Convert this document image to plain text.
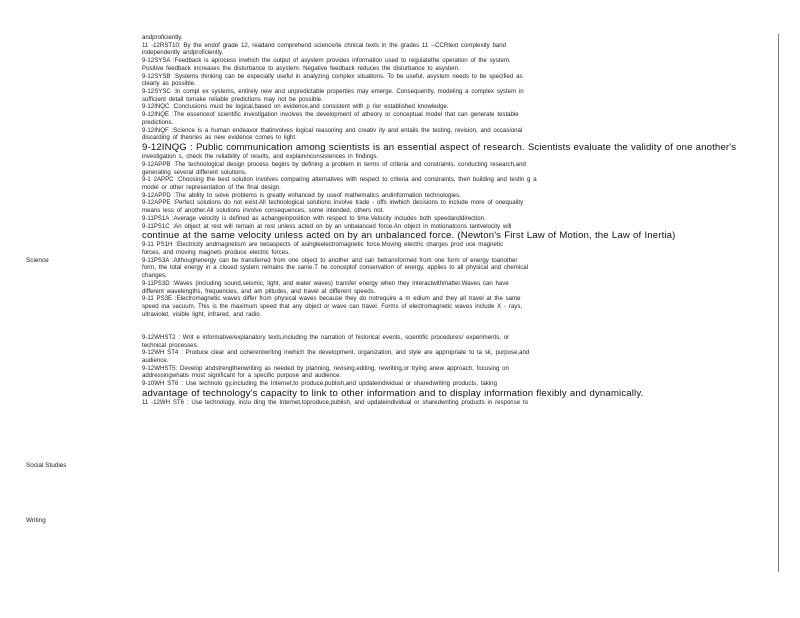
Science
Social Studies
Writing

andproficiently.

11 -12RST10: By the endof grade 12, readand comprehend science/te chnical texts in the grades 11 -‐CCRtext complexity band

independently andproficiently.

9-12SYSA :Feedback is aprocess inwhich the output of asystem provides information used to regulatethe operation of the system.

Positive feedback increases the disturbance to asystem. Negative feedback reduces the disturbance to asystem.

9-12SYSB :Systems thinking can be especially useful in analyzing complex situations. To be useful, asystem needs to be specified as

clearly as possible.

9-12SYSC :In compl ex systems, entirely new and unpredictable properties may emerge. Consequently, modeling a complex system in

sufficient detail tomake reliable predictions may not be possible.

9-12INQC :Conclusions must be logical,based on evidence,and consistent with p rior established knowledge.

9-12INQE :The essenceof scientific investigation involves the development of atheory or conceptual model that can generate testable

predictions.

9-12INQF :Science is a human endeavor thatinvolves logical reasoning and creativ ity and entails the testing, revision, and occasional

discarding of theories as new evidence comes to light.

9-12INQG : Public communication among scientists is an essential aspect of research. Scientists evaluate the validity of one another's

investigation s, check the reliability of results, and explaininconsistences in findings.

9-12APPB :The technological design process begins by defining a problem in terms of criteria and constraints, conducting research,and

generating several different solutions.

9-1 2APPC :Choosing the best solution involves comparing alternatives with respect to criteria and constraints, then building and testin g a

model or other representation of the final design.

9-12APPD :The ability to solve problems is greatly enhanced by useof mathematics andinformation technologies.

9-12APPE :Perfect solutions do not exist.All technological solutions involve trade - offs inwhich decisions to include more of onequality

means less of another.All solutions involve consequences, some intended, others not.

9-11PS1A :Average velocity is defined as achangeinposition with respect to time.Velocity includes both speedanddirection.

9-11PS1C :An object at rest will remain at rest unless acted on by an unbalanced force.An object in motionatcons tantvelocity will

continue at the same velocity unless acted on by an unbalanced force. (Newton's First Law of Motion, the Law of Inertia)

9-11 PS1H :Electricity andmagnetism are twoaspects of asingleelectromagnetic force.Moving electric charges prod uce magnetic

forces, and moving magnets produce electric forces.

9-11PS3A :Althoughenergy can be transferred from one object to another and can betransformed from one form of energy toanother

form, the total energy in a closed system remains the same.T he conceptof conservation of energy, applies to all physical and chemical

changes.

9-11PS3D :Waves (including sound,seismic, light, and water waves) transfer energy when they interactwithmatter.Waves can have

different wavelengths, frequencies, and am plitudes, and travel at different speeds.

9-11 PS3E :Electromagnetic waves differ from physical waves because they do notrequire a m edium and they all travel at the same

speed ina vacuum. This is the maximum speed that any object or wave can travel. Forms of electromagnetic waves include X - rays,

ultraviolet, visible light, infrared, and radio.

9-12WHST2 : Writ e informative/explanatory texts,including the narration of historical events, scientific procedures/ experiments, or

technical processes.

9-12WH ST4 : Produce clear and coherentwriting inwhich the development, organization, and style are appropriate to ta sk, purpose,and

audience.

9-12WHST5: Develop andstrengthenwriting as needed by planning, revising,editing, rewriting,or trying anew approach, focusing on

addressingwhatis most significant for a specific purpose and audience.

9-10WH ST6 : Use technolo gy,including the Internet,to produce,publish,and updateindividual or sharedwriting products, taking

advantage of technology's capacity to link to other information and to display information flexibly and dynamically.

11 -12WH ST6 : Use technology, inclu ding the Internet,toproduce,publish, and updateindividual or sharedwriting products in response to
